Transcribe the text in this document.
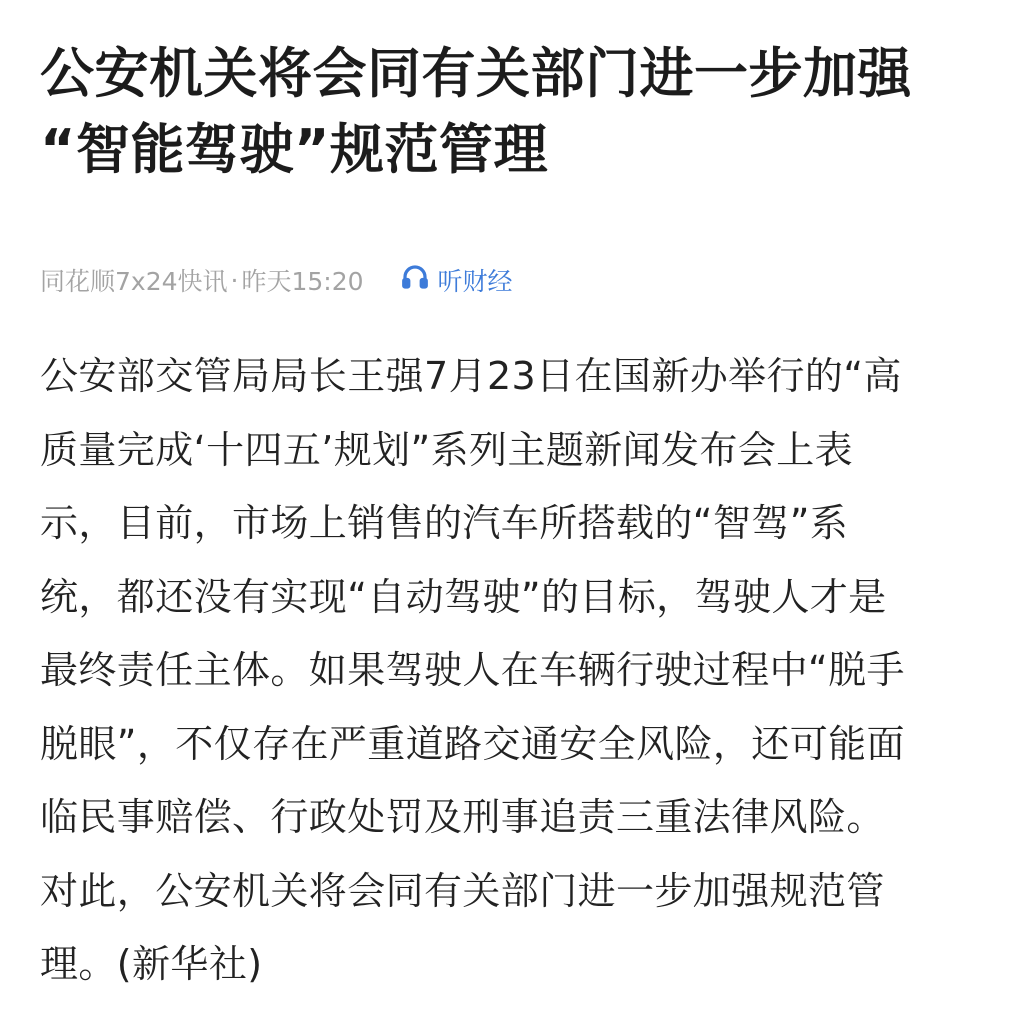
公安机关将会同有关部门进一步加强
“智能驾驶”规范管理
同花顺7x24快讯 · 昨天15:20	听财经
公安部交管局局长王强7月23日在国新办举行的“高
质量完成‘十四五’规划”系列主题新闻发布会上表
示，目前，市场上销售的汽车所搭载的“智驾”系
统，都还没有实现“自动驾驶”的目标，驾驶人才是
最终责任主体。如果驾驶人在车辆行驶过程中“脱手
脱眼”，不仅存在严重道路交通安全风险，还可能面
临民事赔偿、行政处罚及刑事追责三重法律风险。
对此，公安机关将会同有关部门进一步加强规范管
理。(新华社)
